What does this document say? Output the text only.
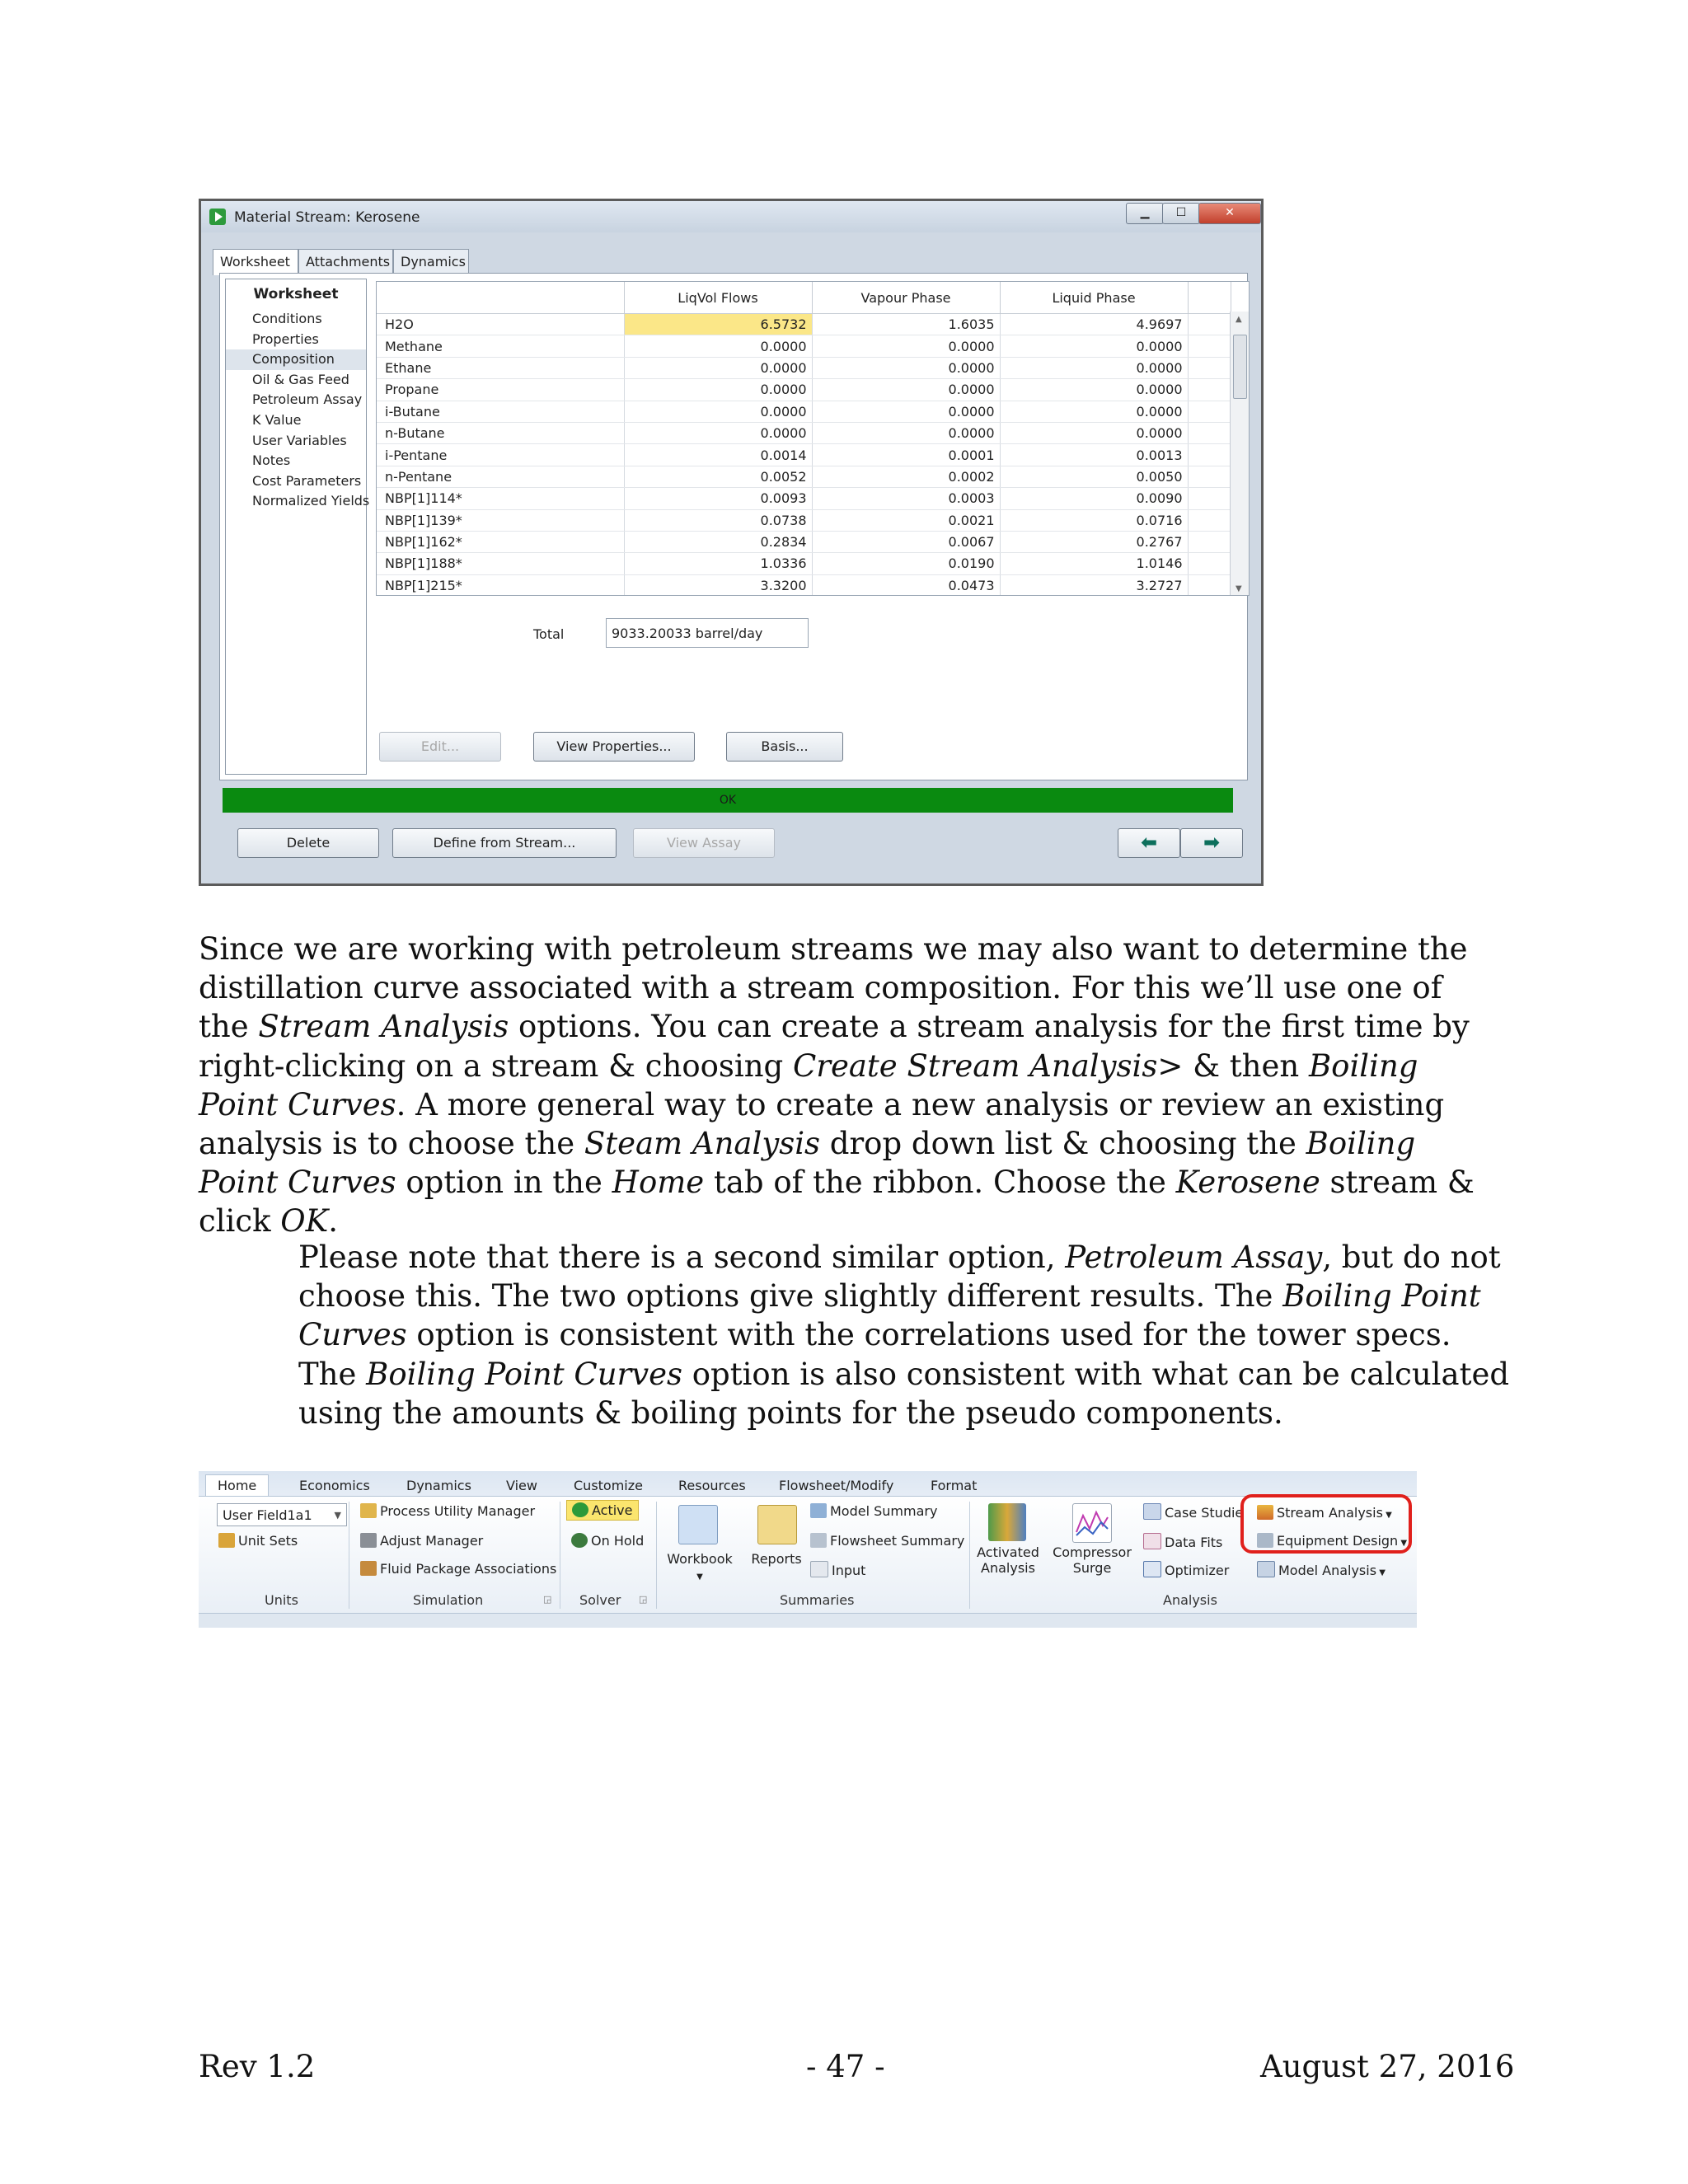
Material Stream: Kerosene	▁	☐	✕
Worksheet	Attachments Dynamics
Worksheet
Conditions
Properties
Composition
Oil & Gas Feed
Petroleum Assay
K Value
User Variables
Notes
Cost Parameters
Normalized Yields
	LiqVol Flows	Vapour Phase	Liquid Phase	
H2O	6.5732	1.6035	4.9697	
Methane	0.0000	0.0000	0.0000	
Ethane	0.0000	0.0000	0.0000	
Propane	0.0000	0.0000	0.0000	
i-Butane	0.0000	0.0000	0.0000	
n-Butane	0.0000	0.0000	0.0000	
i-Pentane	0.0014	0.0001	0.0013	
n-Pentane	0.0052	0.0002	0.0050	
NBP[1]114*	0.0093	0.0003	0.0090	
NBP[1]139*	0.0738	0.0021	0.0716	
NBP[1]162*	0.2834	0.0067	0.2767	
NBP[1]188*	1.0336	0.0190	1.0146	
NBP[1]215*	3.3200	0.0473	3.2727	
▲
▼
Total	9033.20033 barrel/day
Edit...	View Properties...	Basis...
OK
Delete	Define from Stream...	View Assay	⬅	➡

Since we are working with petroleum streams we may also want to determine the distillation curve associated with a stream composition. For this we’ll use one of the Stream Analysis options. You can create a stream analysis for the first time by right-clicking on a stream & choosing Create Stream Analysis> & then Boiling Point Curves. A more general way to create a new analysis or review an existing analysis is to choose the Steam Analysis drop down list & choosing the Boiling Point Curves option in the Home tab of the ribbon. Choose the Kerosene stream & click OK.

Please note that there is a second similar option, Petroleum Assay, but do not choose this. The two options give slightly different results. The Boiling Point Curves option is consistent with the correlations used for the tower specs. The Boiling Point Curves option is also consistent with what can be calculated using the amounts & boiling points for the pseudo components.

Home	Economics	Dynamics	View	Customize	Resources	Flowsheet/Modify	Format
User Field1a1 ▼
Unit Sets
Units
Process Utility Manager
Adjust Manager
Fluid Package Associations
Simulation	◲
Active
On Hold
Solver ◲
Workbook
▼
Reports
Model Summary
Flowsheet Summary
Input
Summaries
Activated
Analysis
Compressor
Surge
Case Studie
Data Fits
Optimizer
Stream Analysis ▼
Equipment Design ▼
Model Analysis ▼
Analysis
Rev 1.2	- 47 -	August 27, 2016
